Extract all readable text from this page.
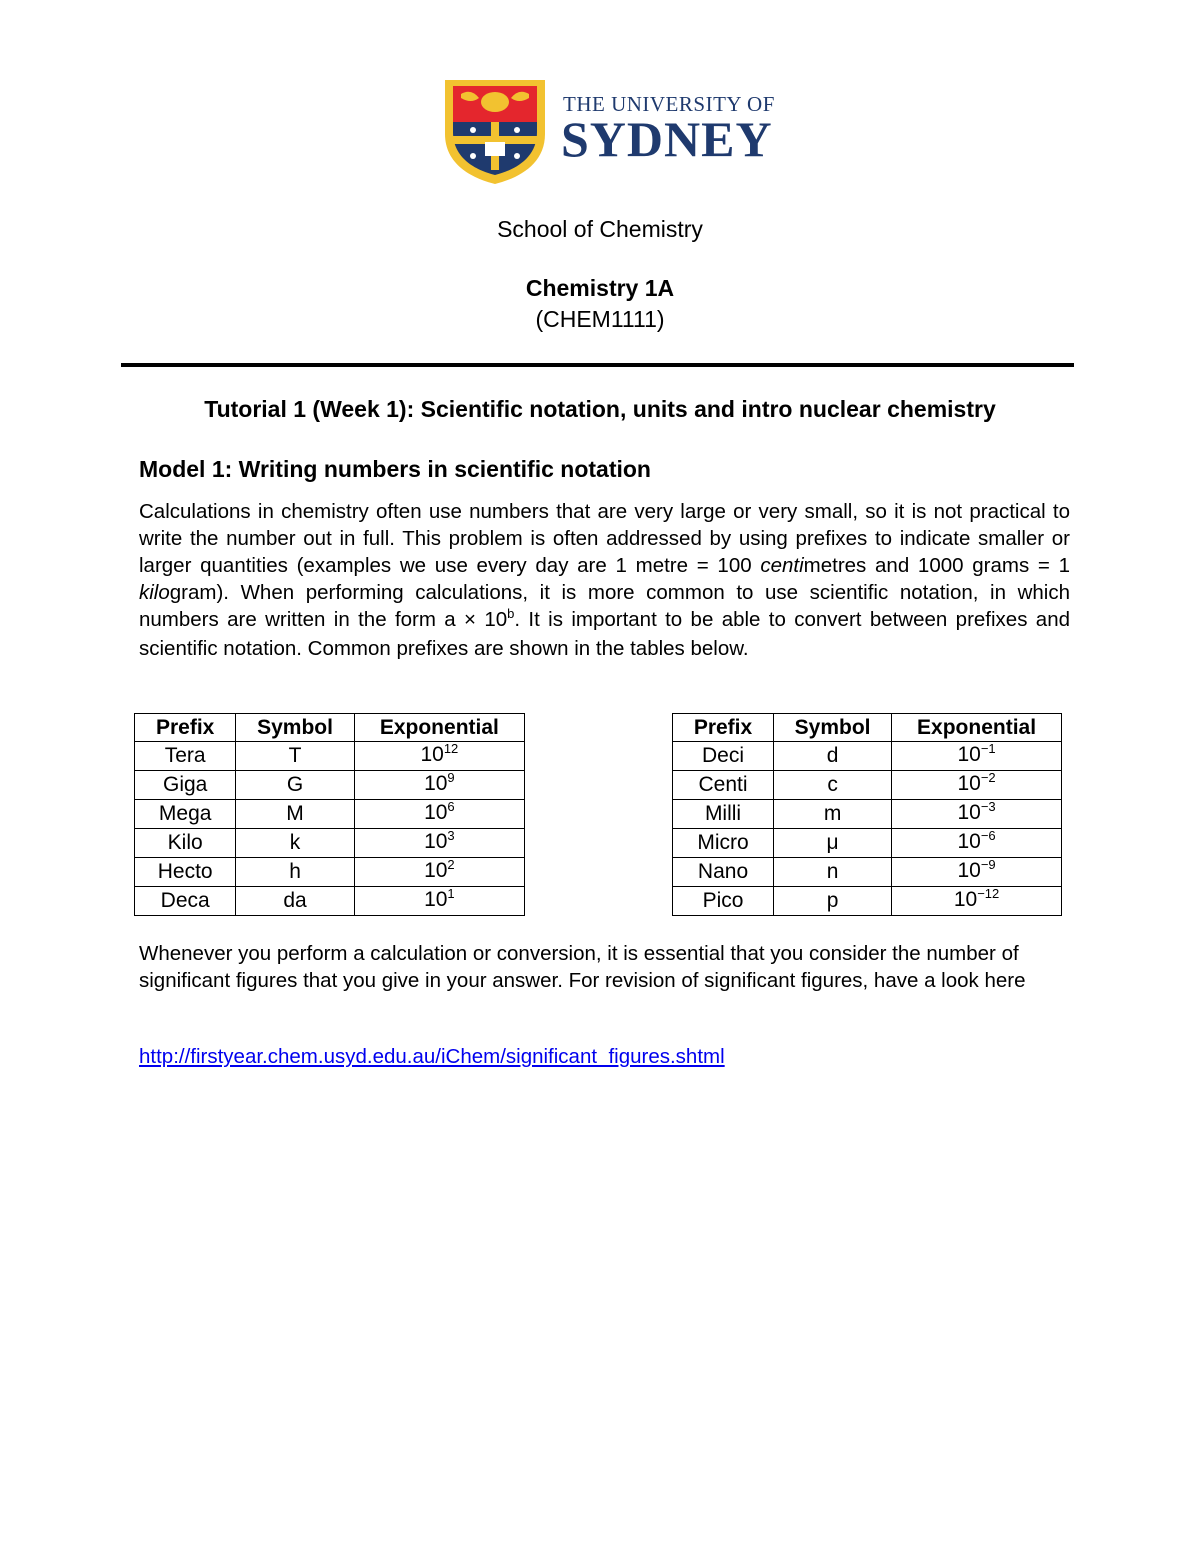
THE UNIVERSITY OF
SYDNEY
School of Chemistry
Chemistry 1A
(CHEM1111)
Tutorial 1 (Week 1): Scientific notation, units and intro nuclear chemistry
Model 1: Writing numbers in scientific notation
Calculations in chemistry often use numbers that are very large or very small, so it is not practical to write the number out in full. This problem is often addressed by using prefixes to indicate smaller or larger quantities (examples we use every day are 1 metre = 100 centimetres and 1000 grams = 1 kilogram). When performing calculations, it is more common to use scientific notation, in which numbers are written in the form $a \times 10^b$. It is important to be able to convert between prefixes and scientific notation. Common prefixes are shown in the tables below.
Prefix	Symbol	Exponential
Tera	T	$10^{12}$
Giga	G	$10^9$
Mega	M	$10^6$
Kilo	k	$10^3$
Hecto	h	$10^2$
Deca	da	$10^1$
Prefix	Symbol	Exponential
Deci	d	$10^{-1}$
Centi	c	$10^{-2}$
Milli	m	$10^{-3}$
Micro	μ	$10^{-6}$
Nano	n	$10^{-9}$
Pico	p	$10^{-12}$
Whenever you perform a calculation or conversion, it is essential that you consider the number of significant figures that you give in your answer. For revision of significant figures, have a look here
http://firstyear.chem.usyd.edu.au/iChem/significant_figures.shtml
